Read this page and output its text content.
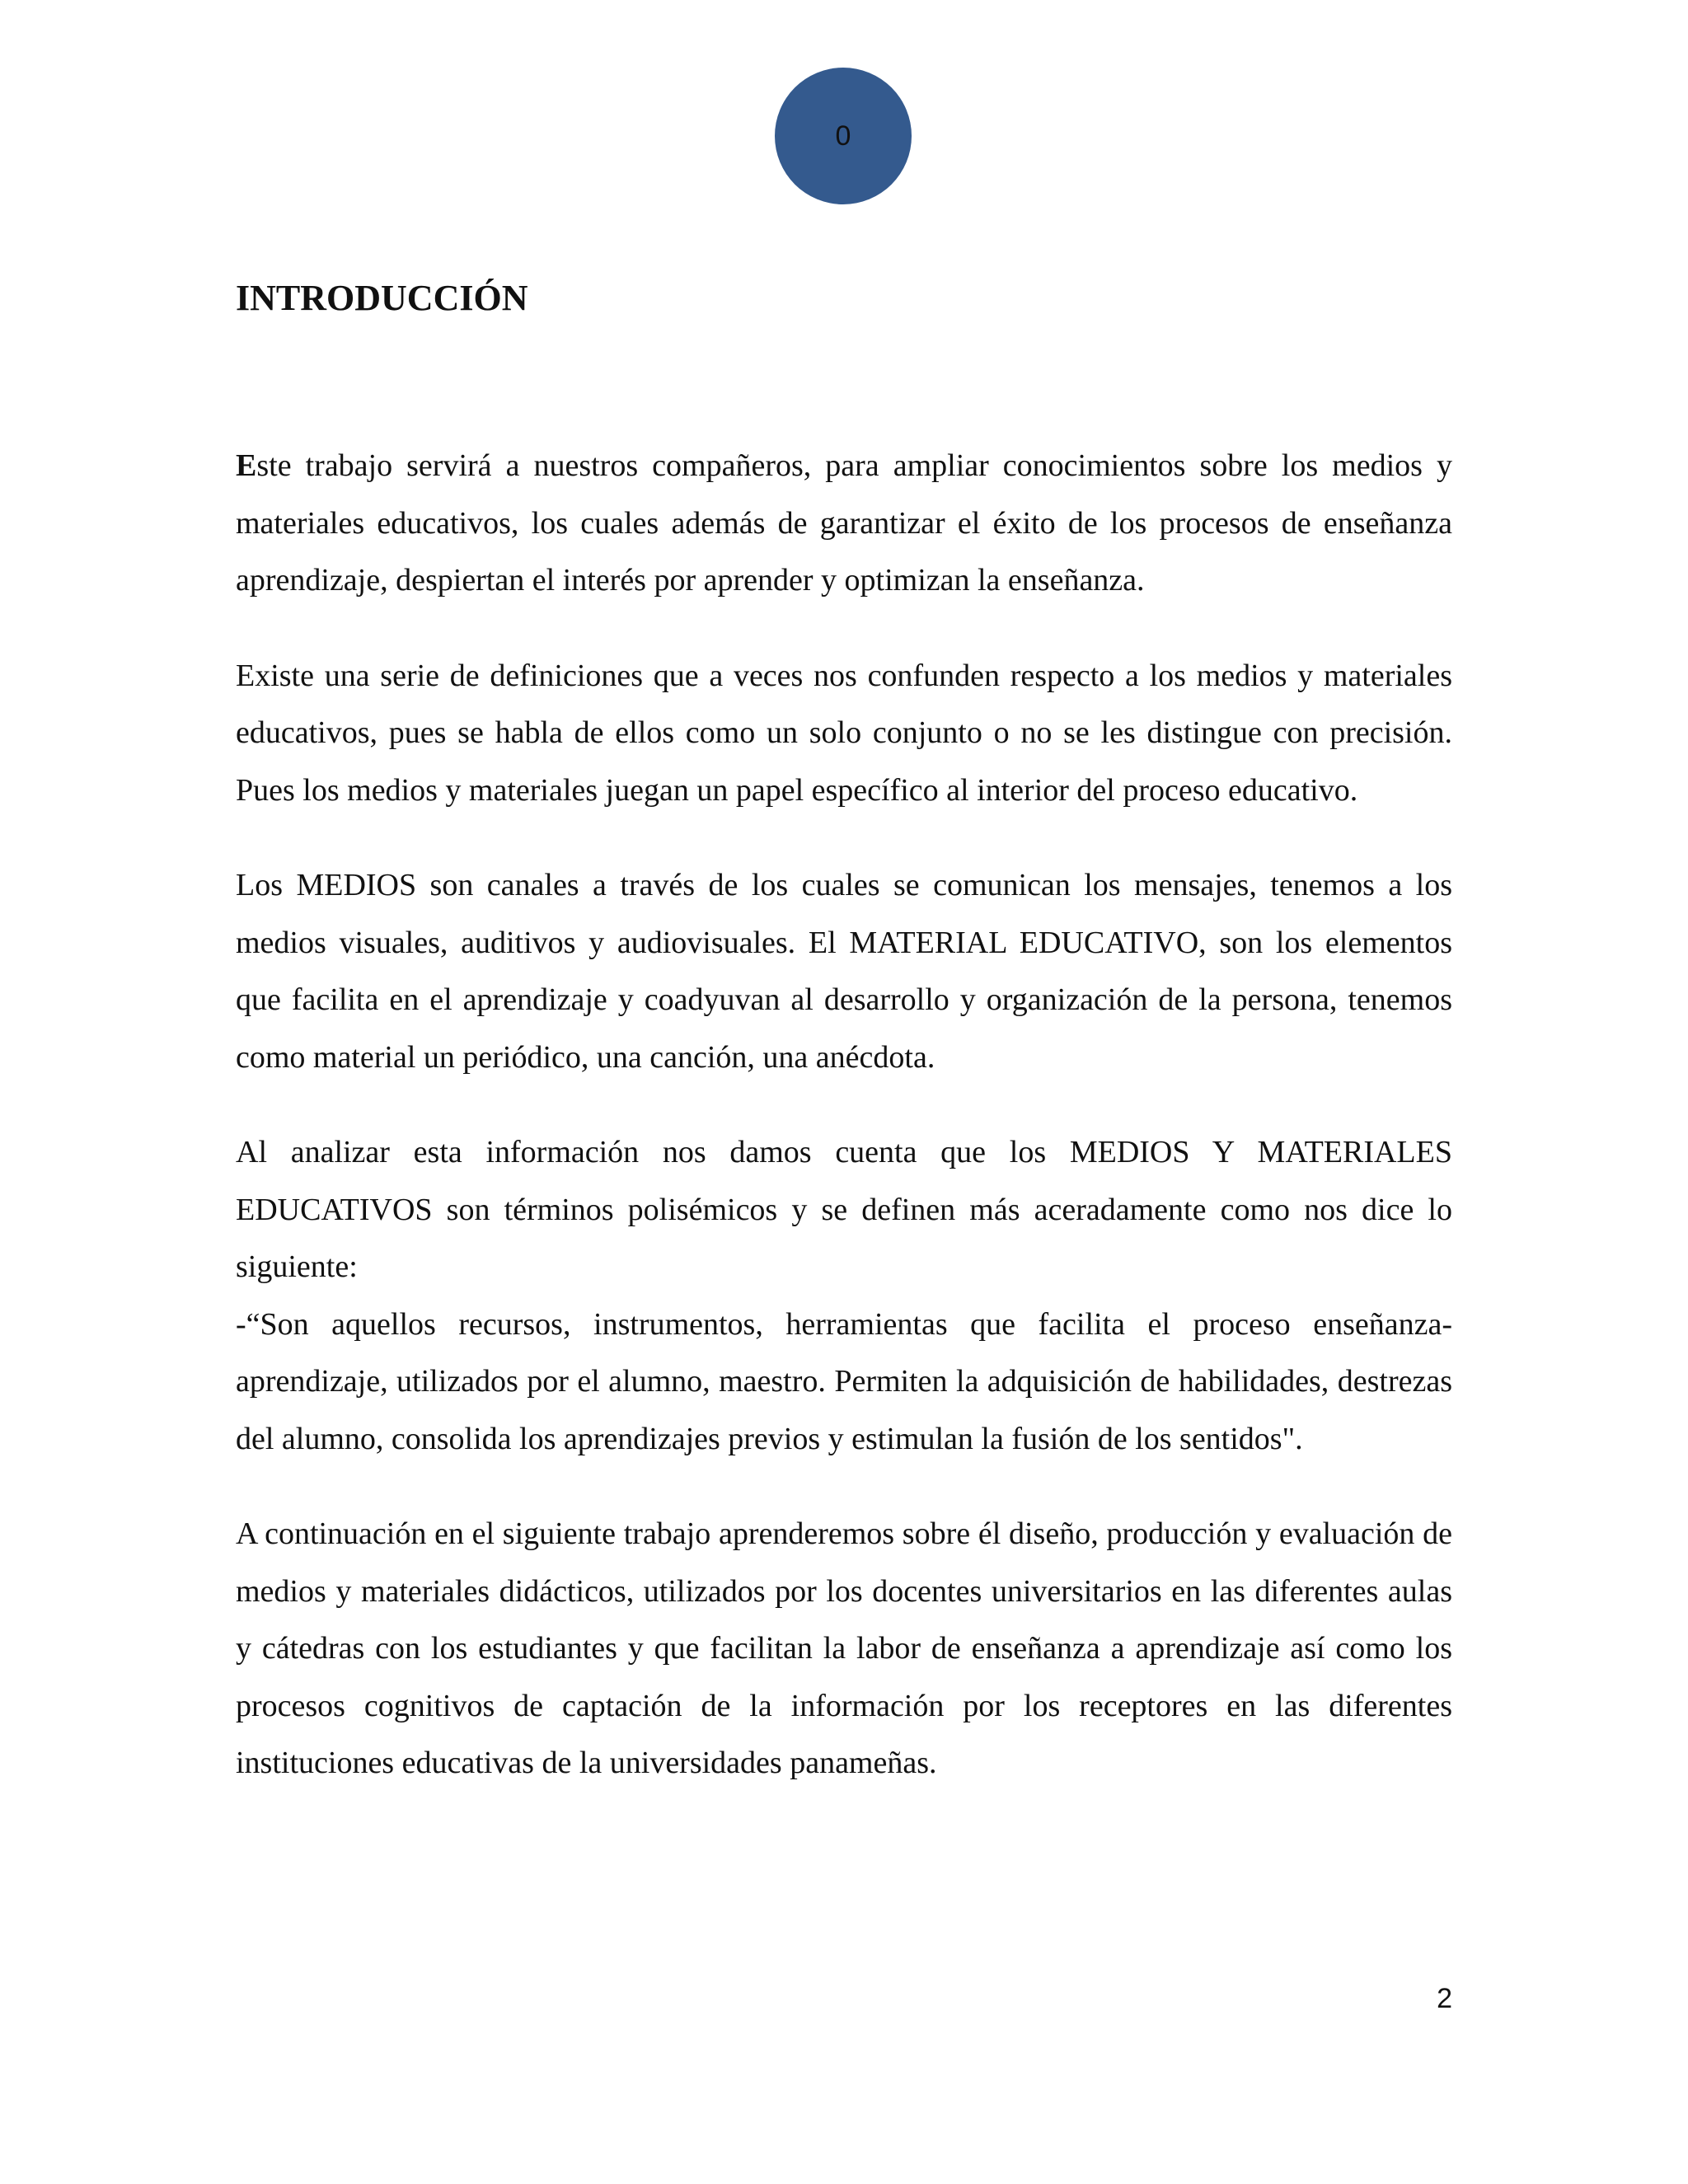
0
INTRODUCCIÓN

Este trabajo servirá a nuestros compañeros, para ampliar conocimientos sobre los medios y materiales educativos, los cuales además de garantizar el éxito de los procesos de enseñanza aprendizaje, despiertan el interés por aprender y optimizan la enseñanza.

Existe una serie de definiciones que a veces nos confunden respecto a los medios y materiales educativos, pues se habla de ellos como un solo conjunto o no se les distingue con precisión. Pues los medios y materiales juegan un papel específico al interior del proceso educativo.

Los MEDIOS son canales a través de los cuales se comunican los mensajes, tenemos a los medios visuales, auditivos y audiovisuales. El MATERIAL EDUCATIVO, son los elementos que facilita en el aprendizaje y coadyuvan al desarrollo y organización de la persona, tenemos como material un periódico, una canción, una anécdota.

Al analizar esta información nos damos cuenta que los MEDIOS Y MATERIALES EDUCATIVOS son términos polisémicos y se definen más aceradamente como nos dice lo siguiente:

-“Son aquellos recursos, instrumentos, herramientas que facilita el proceso enseñanza-aprendizaje, utilizados por el alumno, maestro. Permiten la adquisición de habilidades, destrezas del alumno, consolida los aprendizajes previos y estimulan la fusión de los sentidos".

A continuación en el siguiente trabajo aprenderemos sobre él diseño, producción y evaluación de medios y materiales didácticos, utilizados por los docentes universitarios en las diferentes aulas y cátedras con los estudiantes y que facilitan la labor de enseñanza a aprendizaje así como los procesos cognitivos de captación de la información por los receptores en las diferentes instituciones educativas de la universidades panameñas.

2
